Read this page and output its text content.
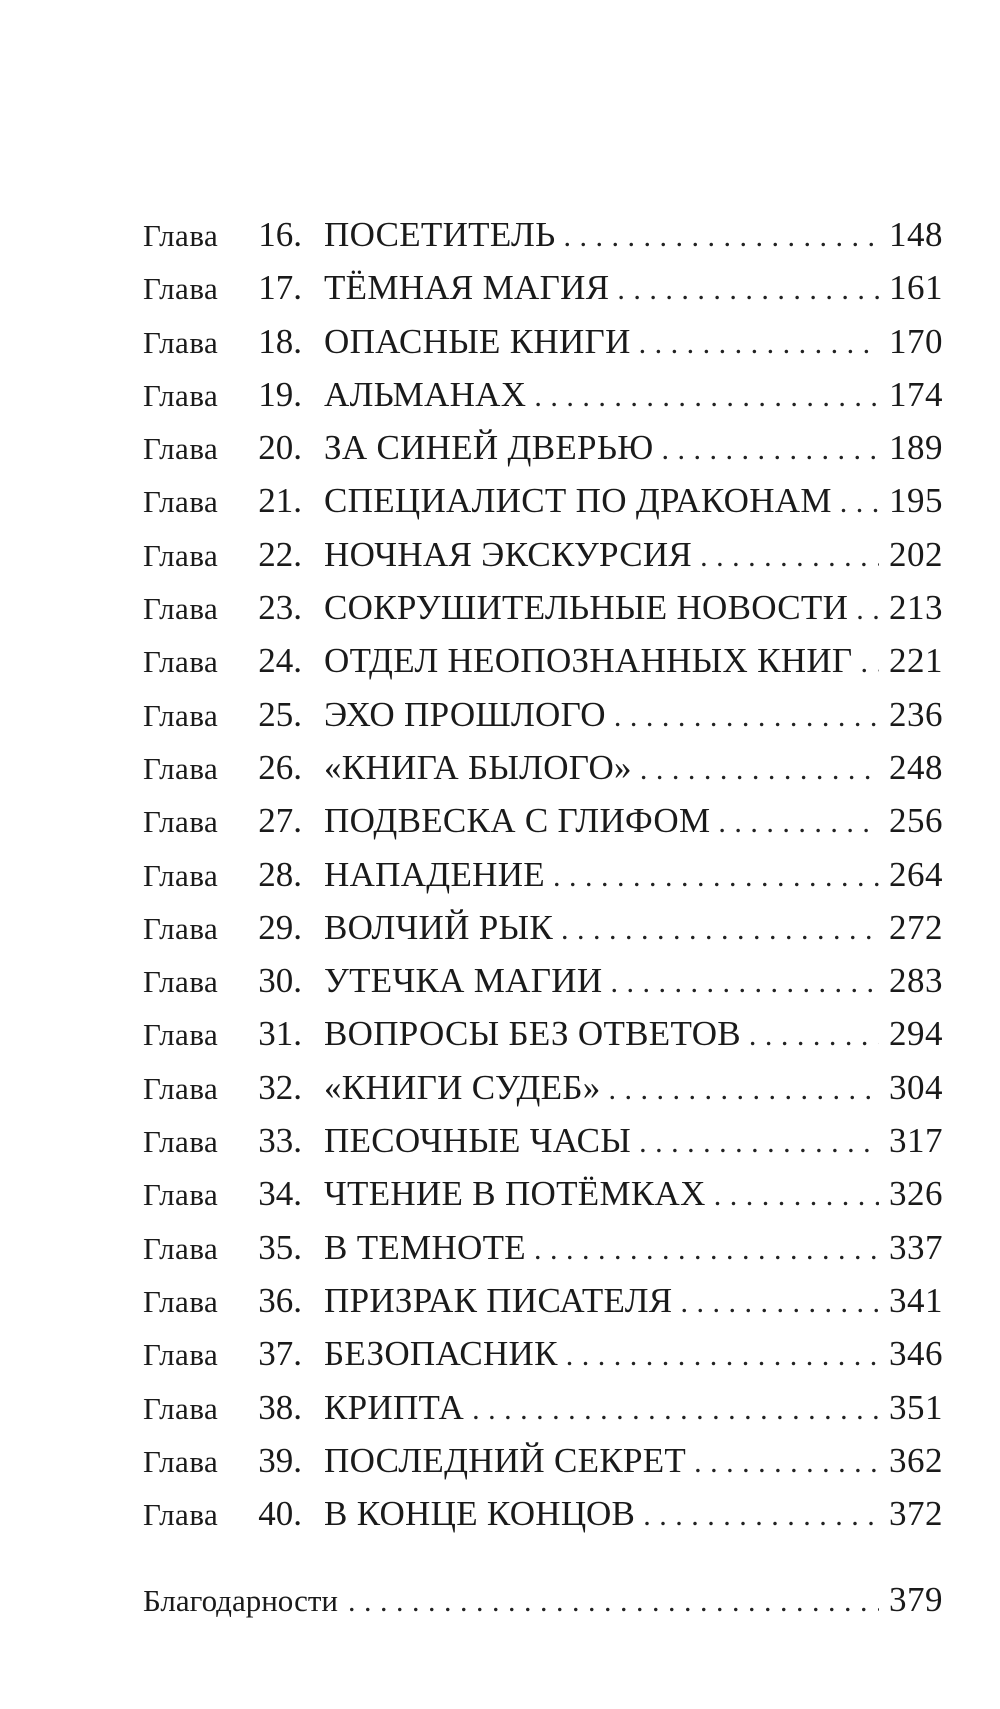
Глава	16 . ПОСЕТИТЕЛЬ . . .	148
Глава	17 . ТЁМНАЯ МАГИЯ . . .	161
Глава	18 . ОПАСНЫЕ КНИГИ . . .	170
Глава	19 . АЛЬМАНАХ . . .	174
Глава	20 . ЗА СИНЕЙ ДВЕРЬЮ . . .	189
Глава	21 . СПЕЦИАЛИСТ ПО ДРАКОНАМ . . . 195
Глава	22 . НОЧНАЯ ЭКСКУРСИЯ . . .	202
Глава	23 . СОКРУШИТЕЛЬНЫЕ НОВОСТИ . . . 213
Глава	24 . ОТДЕЛ НЕОПОЗНАННЫХ КНИГ . . . 221
Глава	25 . ЭХО ПРОШЛОГО . . .	236
Глава	26 . «КНИГА БЫЛОГО» . . .	248
Глава	27 . ПОДВЕСКА С ГЛИФОМ . . .	256
Глава	28 . НАПАДЕНИЕ . . .	264
Глава	29 . ВОЛЧИЙ РЫК . . .	272
Глава	30 . УТЕЧКА МАГИИ . . .	283
Глава	31 . ВОПРОСЫ БЕЗ ОТВЕТОВ . . .	294
Глава	32 . «КНИГИ СУДЕБ» . . .	304
Глава	33 . ПЕСОЧНЫЕ ЧАСЫ . . .	317
Глава	34 . ЧТЕНИЕ В ПОТЁМКАХ . . .	326
Глава	35 . В ТЕМНОТЕ . . .	337
Глава	36 . ПРИЗРАК ПИСАТЕЛЯ . . .	341
Глава	37 . БЕЗОПАСНИК . . .	346
Глава	38 . КРИПТА . . .	351
Глава	39 . ПОСЛЕДНИЙ СЕКРЕТ . . .	362
Глава	40 . В КОНЦЕ КОНЦОВ . . .	372
Благодарности . . .	379
